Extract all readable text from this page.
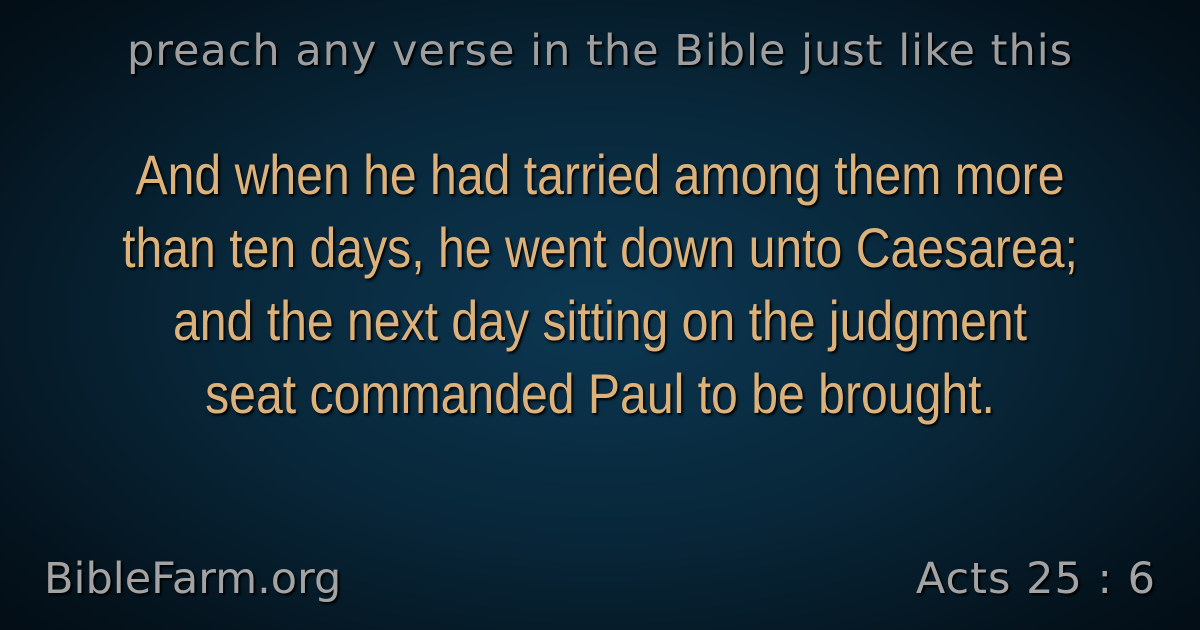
preach any verse in the Bible just like this
And when he had tarried among them more
than ten days, he went down unto Caesarea;
and the next day sitting on the judgment
seat commanded Paul to be brought.
BibleFarm.org	Acts 25 : 6
